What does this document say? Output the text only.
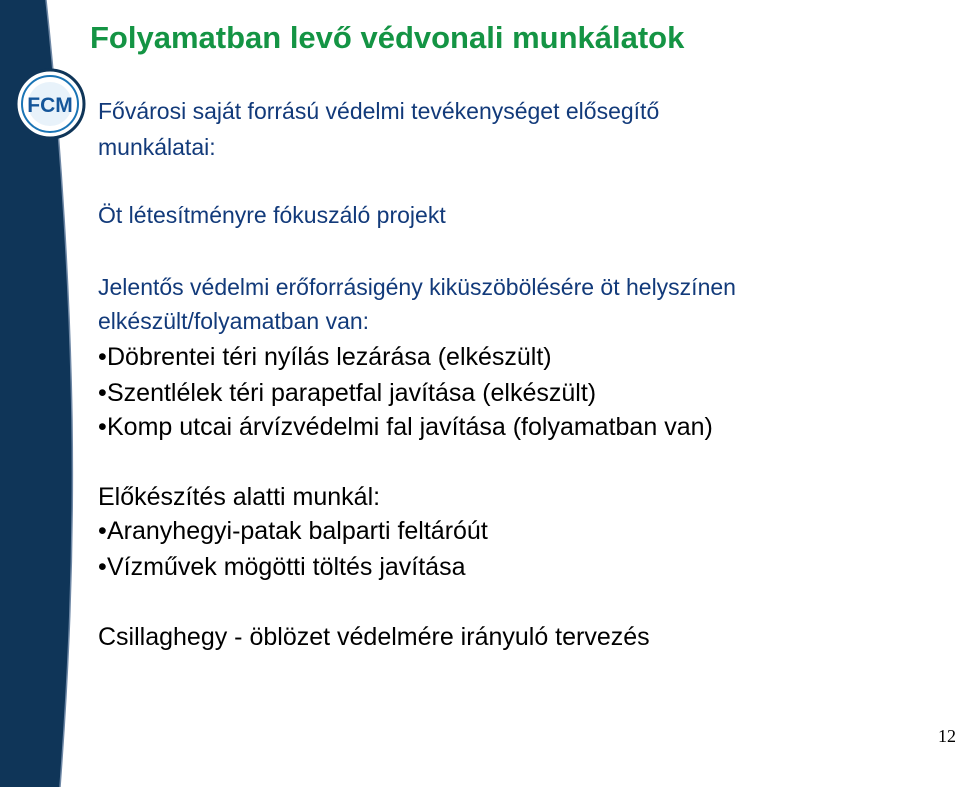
FCM
Folyamatban levő védvonali munkálatok
Fővárosi saját forrású védelmi tevékenységet elősegítő
munkálatai:
Öt létesítményre fókuszáló projekt
Jelentős védelmi erőforrásigény kiküszöbölésére öt helyszínen
elkészült/folyamatban van:
•Döbrentei téri nyílás lezárása (elkészült)
•Szentlélek téri parapetfal javítása (elkészült)
•Komp utcai árvízvédelmi fal javítása (folyamatban van)
Előkészítés alatti munkál:
•Aranyhegyi-patak balparti feltáróút
•Vízművek mögötti töltés javítása
Csillaghegy - öblözet védelmére irányuló tervezés
12
